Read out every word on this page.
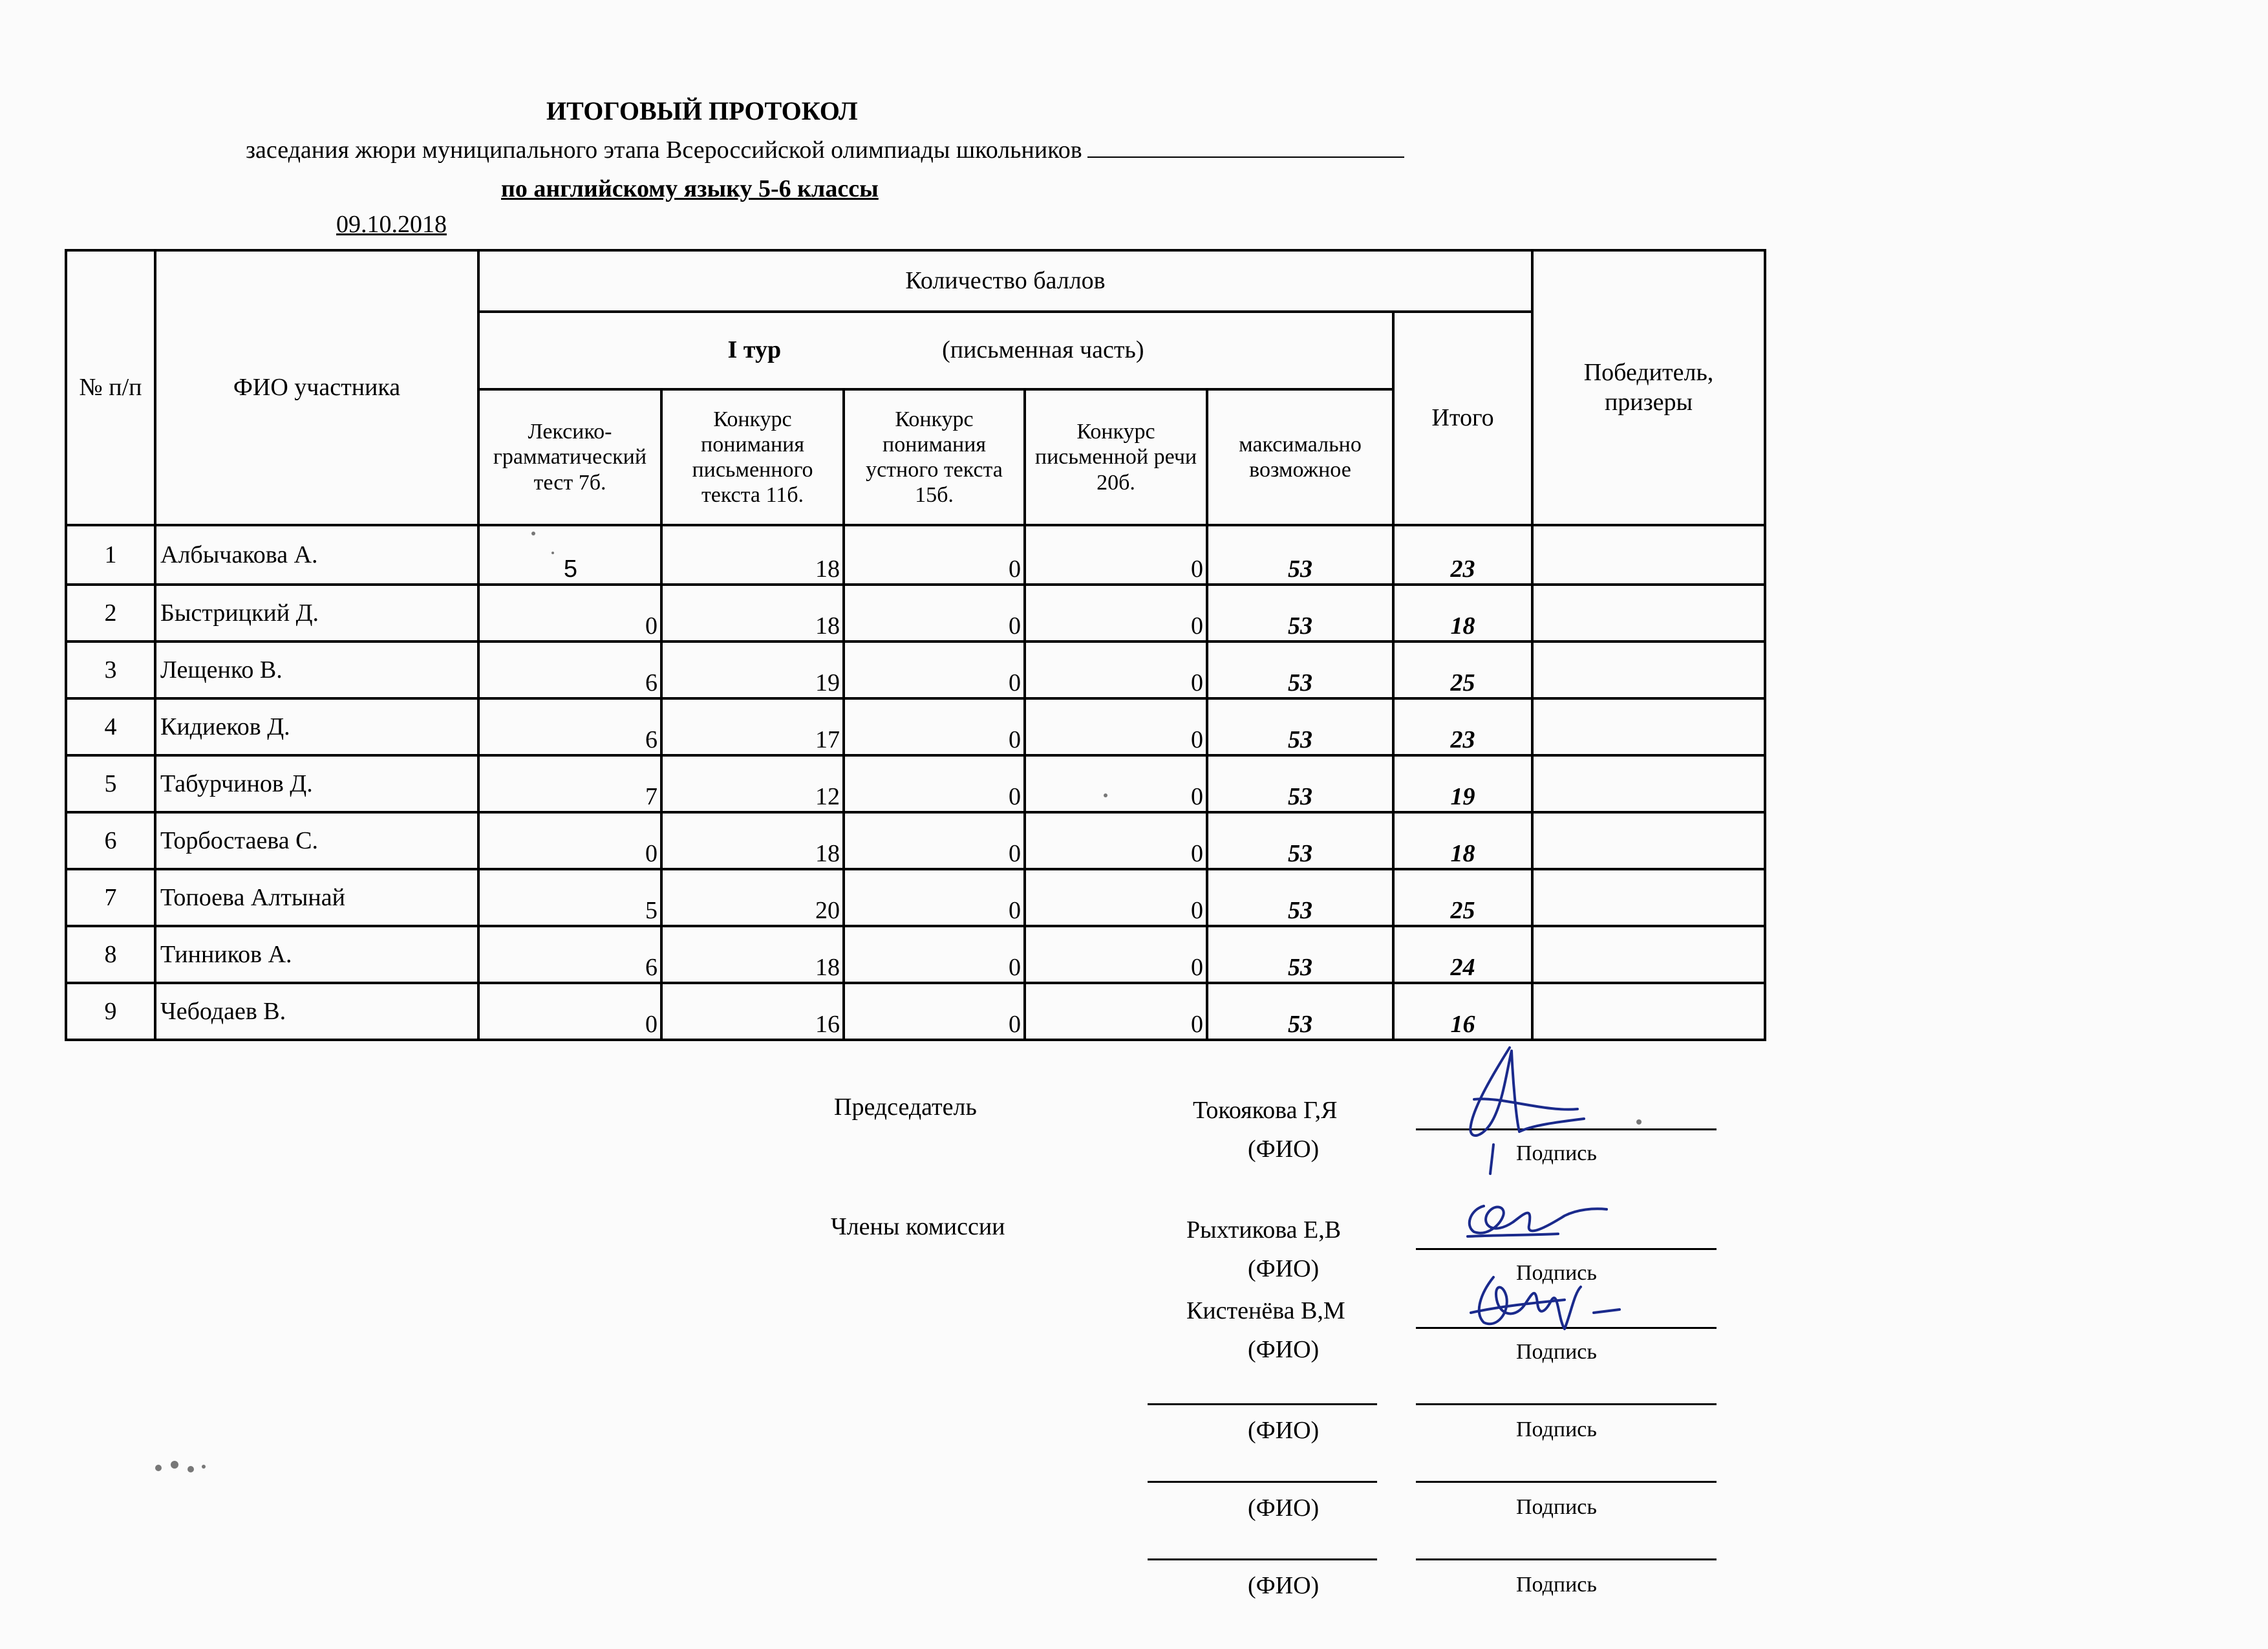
ИТОГОВЫЙ ПРОТОКОЛ
заседания жюри муниципального этапа Всероссийской олимпиады школьников
по английскому языку 5-6 классы
09.10.2018
№ п/п	ФИО участника	Количество баллов						Победитель, призеры
		I тур (письменная часть)					Итого	
		Лексико-грамматический тест 7б.	Конкурс понимания письменного текста 11б.	Конкурс понимания устного текста 15б.	Конкурс письменной речи 20б.	максимально возможное		
1	Албычакова А.	5	18	0	0	53	23	
2	Быстрицкий Д.	0	18	0	0	53	18	
3	Лещенко В.	6	19	0	0	53	25	
4	Кидиеков Д.	6	17	0	0	53	23	
5	Табурчинов Д.	7	12	0	0	53	19	
6	Торбостаева С.	0	18	0	0	53	18	
7	Топоева Алтынай	5	20	0	0	53	25	
8	Тинников А.	6	18	0	0	53	24	
9	Чебодаев В.	0	16	0	0	53	16	
Председатель
Члены комиссии
Токоякова Г,Я
(ФИО)	Подпись
Рыхтикова Е,В
(ФИО)	Подпись
Кистенёва В,М
(ФИО)	Подпись
(ФИО)	Подпись
(ФИО)	Подпись
(ФИО)	Подпись
